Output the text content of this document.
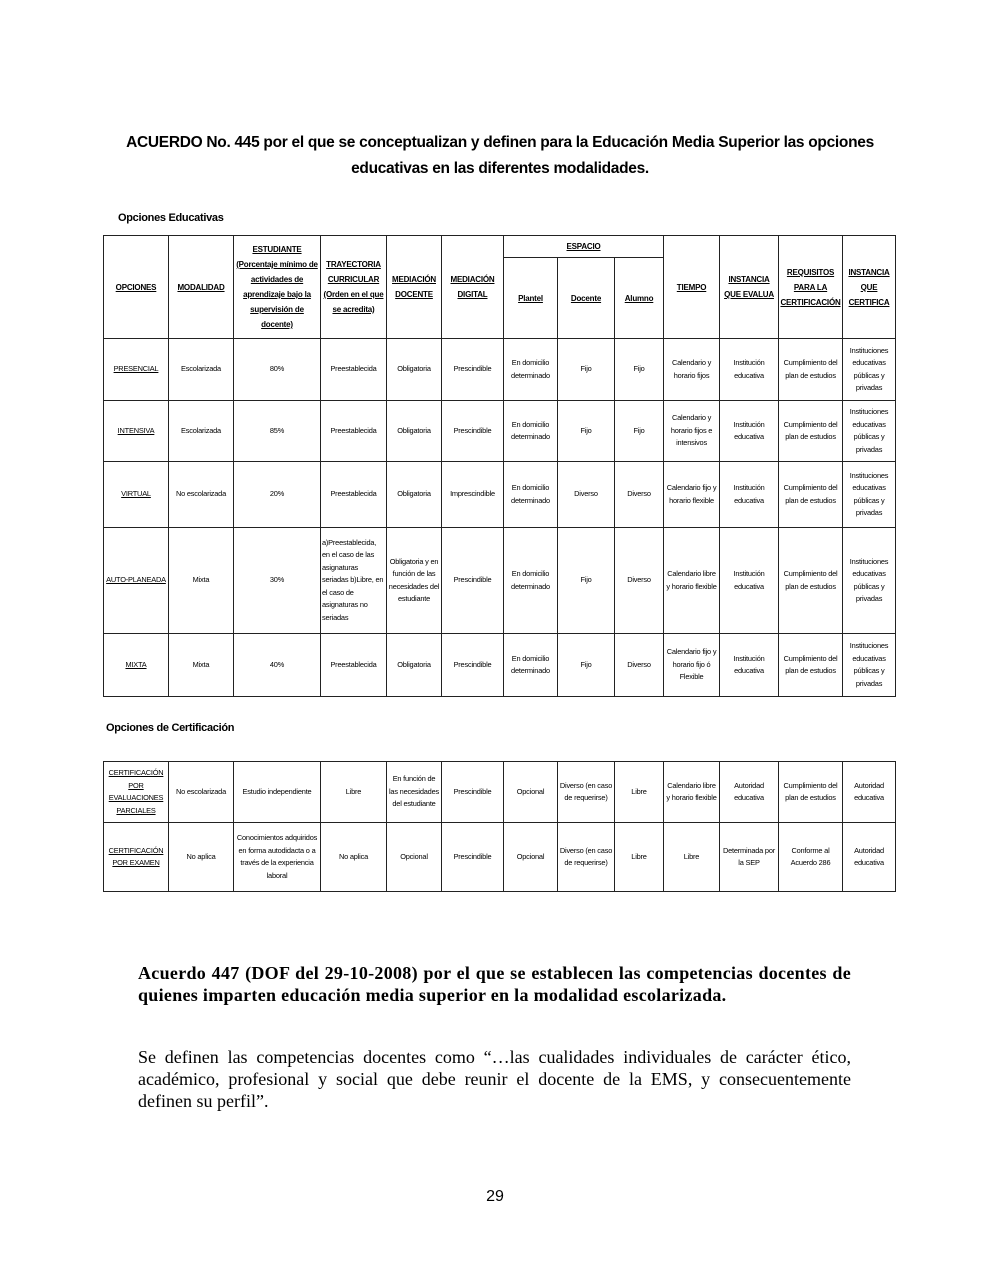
ACUERDO No. 445 por el que se conceptualizan y definen para la Educación Media Superior las opciones educativas en las diferentes modalidades.
Opciones Educativas
OPCIONES	MODALIDAD	ESTUDIANTE (Porcentaje mínimo de actividades de aprendizaje bajo la supervisión de docente)	TRAYECTORIA CURRICULAR (Orden en el que se acredita)	MEDIACIÓN DOCENTE	MEDIACIÓN DIGITAL	ESPACIO			TIEMPO	INSTANCIA QUE EVALUA	REQUISITOS PARA LA CERTIFICACIÓN	INSTANCIA QUE CERTIFICA
						Plantel	Docente	Alumno				
PRESENCIAL	Escolarizada	80%	Preestablecida	Obligatoria	Prescindible	En domicilio determinado	Fijo	Fijo	Calendario y horario fijos	Institución educativa	Cumplimiento del plan de estudios	Instituciones educativas públicas y privadas
INTENSIVA	Escolarizada	85%	Preestablecida	Obligatoria	Prescindible	En domicilio determinado	Fijo	Fijo	Calendario y horario fijos e intensivos	Institución educativa	Cumplimiento del plan de estudios	Instituciones educativas públicas y privadas
VIRTUAL	No escolarizada	20%	Preestablecida	Obligatoria	Imprescindible	En domicilio determinado	Diverso	Diverso	Calendario fijo y horario flexible	Institución educativa	Cumplimiento del plan de estudios	Instituciones educativas públicas y privadas
AUTO-PLANEADA	Mixta	30%	a)Preestablecida, en el caso de las asignaturas seriadas b)Libre, en el caso de asignaturas no seriadas	Obligatoria y en función de las necesidades del estudiante	Prescindible	En domicilio determinado	Fijo	Diverso	Calendario libre y horario flexible	Institución educativa	Cumplimiento del plan de estudios	Instituciones educativas públicas y privadas
MIXTA	Mixta	40%	Preestablecida	Obligatoria	Prescindible	En domicilio determinado	Fijo	Diverso	Calendario fijo y horario fijo ó Flexible	Institución educativa	Cumplimiento del plan de estudios	Instituciones educativas públicas y privadas
Opciones de Certificación
CERTIFICACIÓN POR EVALUACIONES PARCIALES	No escolarizada	Estudio independiente	Libre	En función de las necesidades del estudiante	Prescindible	Opcional	Diverso (en caso de requerirse)	Libre	Calendario libre y horario flexible	Autoridad educativa	Cumplimiento del plan de estudios	Autoridad educativa
CERTIFICACIÓN POR EXAMEN	No aplica	Conocimientos adquiridos en forma autodidacta o a través de la experiencia laboral	No aplica	Opcional	Prescindible	Opcional	Diverso (en caso de requerirse)	Libre	Libre	Determinada por la SEP	Conforme al Acuerdo 286	Autoridad educativa
Acuerdo 447 (DOF del 29-10-2008) por el que se establecen las competencias docentes de quienes imparten educación media superior en la modalidad escolarizada.
Se definen las competencias docentes como “…las cualidades individuales de carácter ético, académico, profesional y social que debe reunir el docente de la EMS, y consecuentemente definen su perfil”.
29
